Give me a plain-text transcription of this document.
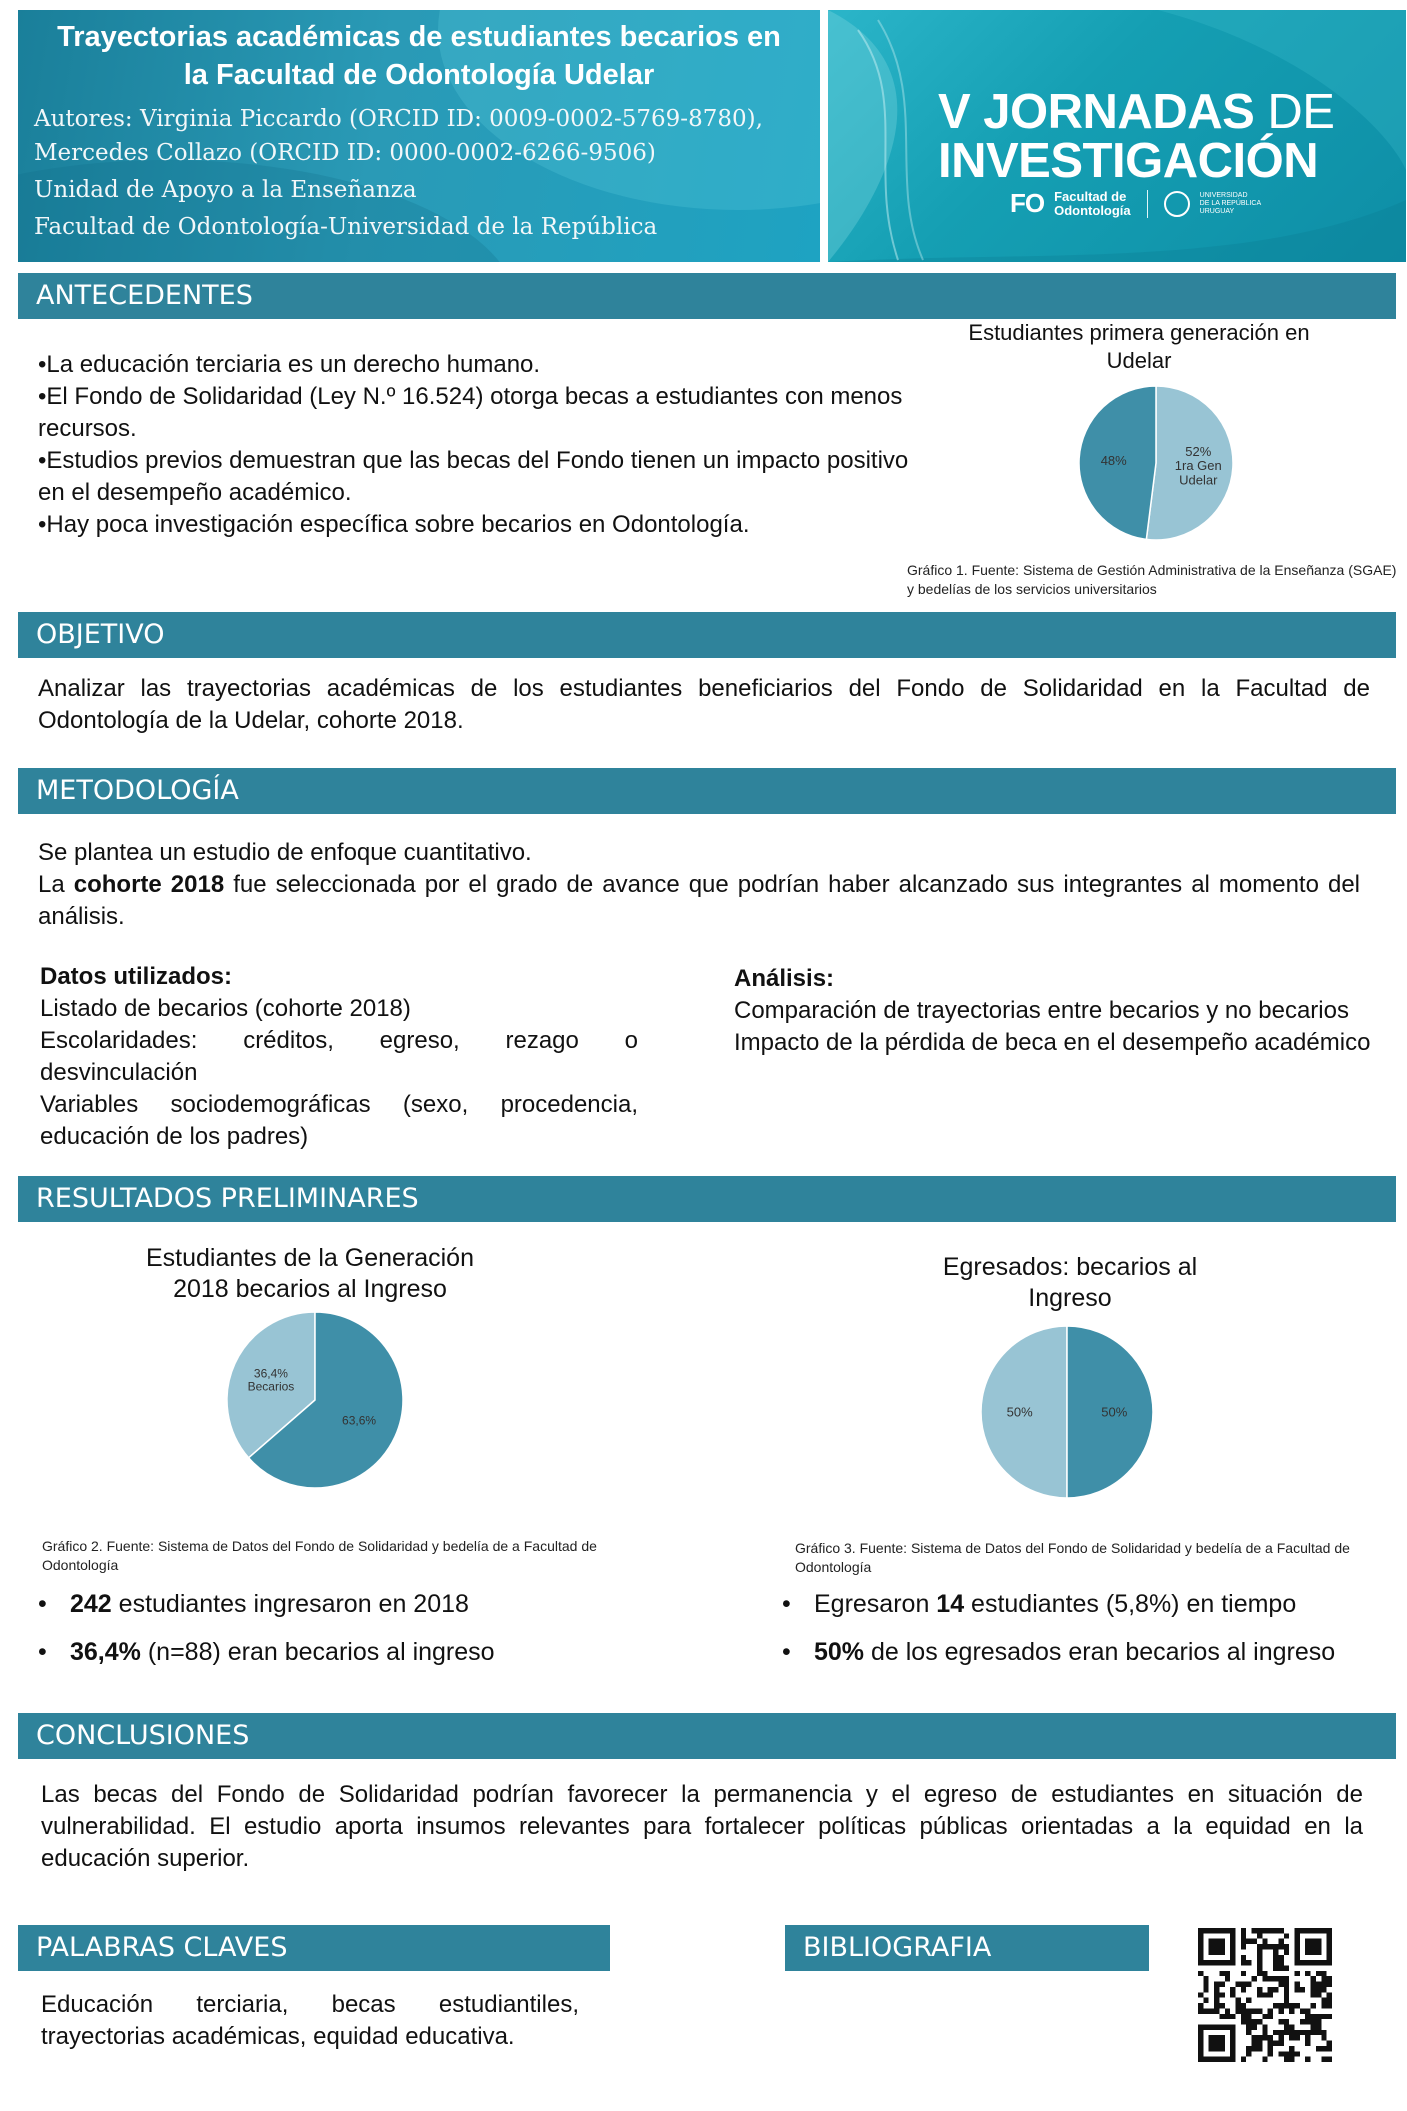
Trayectorias académicas de estudiantes becarios en
la Facultad de Odontología Udelar
Autores: Virginia Piccardo (ORCID ID: 0009-0002-5769-8780),
Mercedes Collazo (ORCID ID: 0000-0002-6266-9506)
Unidad de Apoyo a la Enseñanza
Facultad de Odontología-Universidad de la República
V JORNADAS DE
INVESTIGACIÓN
FO Facultad de
Odontología
UNIVERSIDAD
DE LA REPÚBLICA
URUGUAY
ANTECEDENTES
•La educación terciaria es un derecho humano.
•El Fondo de Solidaridad (Ley N.º 16.524) otorga becas a estudiantes con menos recursos.
•Estudios previos demuestran que las becas del Fondo tienen un impacto positivo en el desempeño académico.
•Hay poca investigación específica sobre becarios en Odontología.
Estudiantes primera generación en Udelar
52% 1ra Gen Udelar
48%
Gráfico 1. Fuente: Sistema de Gestión Administrativa de la Enseñanza (SGAE) y bedelías de los servicios universitarios
OBJETIVO
Analizar las trayectorias académicas de los estudiantes beneficiarios del Fondo de Solidaridad en la Facultad de Odontología de la Udelar, cohorte 2018.
METODOLOGÍA
Se plantea un estudio de enfoque cuantitativo.
La cohorte 2018 fue seleccionada por el grado de avance que podrían haber alcanzado sus integrantes al momento del análisis.
Datos utilizados:
Listado de becarios (cohorte 2018)
Escolaridades: créditos, egreso, rezago o desvinculación
Variables sociodemográficas (sexo, procedencia, educación de los padres)
Análisis:
Comparación de trayectorias entre becarios y no becarios
Impacto de la pérdida de beca en el desempeño académico
RESULTADOS PRELIMINARES
Estudiantes de la Generación 2018 becarios al Ingreso
36,4% Becarios
63,6%
Egresados: becarios al Ingreso
50%	50%
Gráfico 2. Fuente: Sistema de Datos del Fondo de Solidaridad y bedelía de a Facultad de Odontología
Gráfico 3. Fuente: Sistema de Datos del Fondo de Solidaridad y bedelía de a Facultad de Odontología
• 242 estudiantes ingresaron en 2018
• 36,4% (n=88) eran becarios al ingreso
• Egresaron 14 estudiantes (5,8%) en tiempo
• 50% de los egresados eran becarios al ingreso
CONCLUSIONES
Las becas del Fondo de Solidaridad podrían favorecer la permanencia y el egreso de estudiantes en situación de vulnerabilidad. El estudio aporta insumos relevantes para fortalecer políticas públicas orientadas a la equidad en la educación superior.
PALABRAS CLAVES
Educación terciaria, becas estudiantiles, trayectorias académicas, equidad educativa.
BIBLIOGRAFIA
